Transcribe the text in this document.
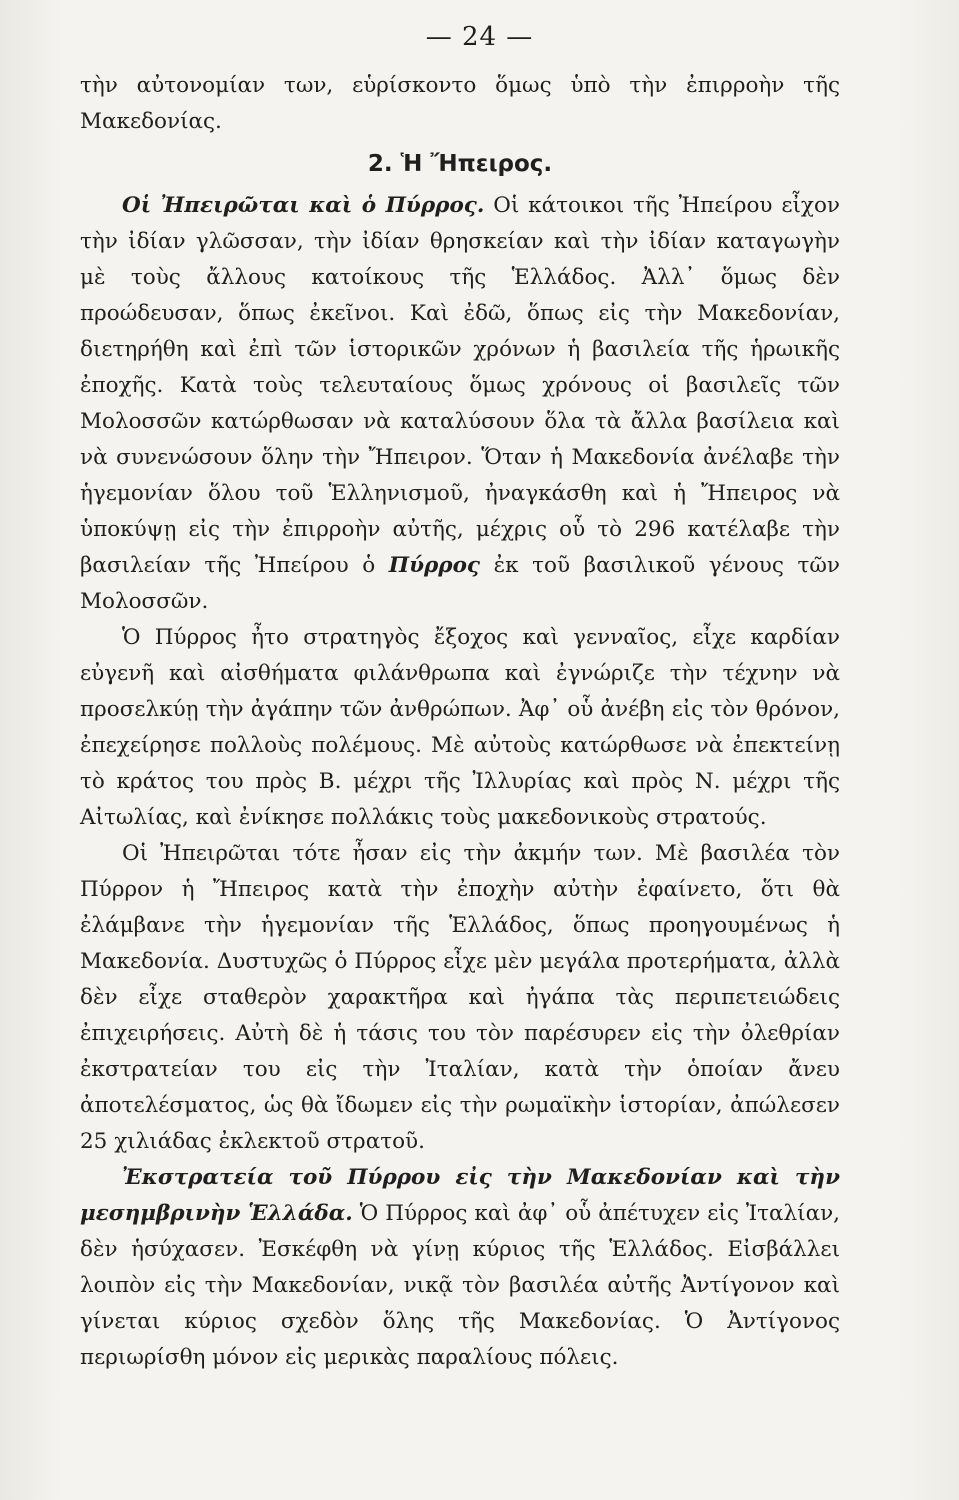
— 24 —

τὴν αὐτονομίαν των, εὑρίσκοντο ὅμως ὑπὸ τὴν ἐπιρροὴν τῆς Μακεδονίας.

2. Ἡ Ἤπειρος.

Οἱ Ἠπειρῶται καὶ ὁ Πύρρος. Οἱ κάτοικοι τῆς Ἠπείρου εἶχον τὴν ἰδίαν γλῶσσαν, τὴν ἰδίαν θρησκείαν καὶ τὴν ἰδίαν καταγωγὴν μὲ τοὺς ἄλλους κατοίκους τῆς Ἑλλάδος. Ἀλλ᾽ ὅμως δὲν προώδευσαν, ὅπως ἐκεῖνοι. Καὶ ἐδῶ, ὅπως εἰς τὴν Μακεδονίαν, διετηρήθη καὶ ἐπὶ τῶν ἱστορικῶν χρόνων ἡ βασιλεία τῆς ἡρωικῆς ἐποχῆς. Κατὰ τοὺς τελευταίους ὅμως χρόνους οἱ βασιλεῖς τῶν Μολοσσῶν κατώρθωσαν νὰ καταλύσουν ὅλα τὰ ἄλλα βασίλεια καὶ νὰ συνενώσουν ὅλην τὴν Ἤπειρον. Ὅταν ἡ Μακεδονία ἀνέλαβε τὴν ἡγεμονίαν ὅλου τοῦ Ἑλληνισμοῦ, ἠναγκάσθη καὶ ἡ Ἤπειρος νὰ ὑποκύψῃ εἰς τὴν ἐπιρροὴν αὐτῆς, μέχρις οὗ τὸ 296 κατέλαβε τὴν βασιλείαν τῆς Ἠπείρου ὁ Πύρρος ἐκ τοῦ βασιλικοῦ γένους τῶν Μολοσσῶν.

Ὁ Πύρρος ἦτο στρατηγὸς ἔξοχος καὶ γενναῖος, εἶχε καρδίαν εὐγενῆ καὶ αἰσθήματα φιλάνθρωπα καὶ ἐγνώριζε τὴν τέχνην νὰ προσελκύῃ τὴν ἀγάπην τῶν ἀνθρώπων. Ἀφ᾽ οὗ ἀνέβη εἰς τὸν θρόνον, ἐπεχείρησε πολλοὺς πολέμους. Μὲ αὐτοὺς κατώρθωσε νὰ ἐπεκτείνῃ τὸ κράτος του πρὸς Β. μέχρι τῆς Ἰλλυρίας καὶ πρὸς Ν. μέχρι τῆς Αἰτωλίας, καὶ ἐνίκησε πολλάκις τοὺς μακεδονικοὺς στρατούς.

Οἱ Ἠπειρῶται τότε ἦσαν εἰς τὴν ἀκμήν των. Μὲ βασιλέα τὸν Πύρρον ἡ Ἤπειρος κατὰ τὴν ἐποχὴν αὐτὴν ἐφαίνετο, ὅτι θὰ ἐλάμβανε τὴν ἡγεμονίαν τῆς Ἑλλάδος, ὅπως προηγουμένως ἡ Μακεδονία. Δυστυχῶς ὁ Πύρρος εἶχε μὲν μεγάλα προτερήματα, ἀλλὰ δὲν εἶχε σταθερὸν χαρακτῆρα καὶ ἠγάπα τὰς περιπετειώδεις ἐπιχειρήσεις. Αὐτὴ δὲ ἡ τάσις του τὸν παρέσυρεν εἰς τὴν ὀλεθρίαν ἐκστρατείαν του εἰς τὴν Ἰταλίαν, κατὰ τὴν ὁποίαν ἄνευ ἀποτελέσματος, ὡς θὰ ἴδωμεν εἰς τὴν ρωμαϊκὴν ἱστορίαν, ἀπώλεσεν 25 χιλιάδας ἐκλεκτοῦ στρατοῦ.

Ἐκστρατεία τοῦ Πύρρου εἰς τὴν Μακεδονίαν καὶ τὴν μεσημβρινὴν Ἑλλάδα. Ὁ Πύρρος καὶ ἀφ᾽ οὗ ἀπέτυχεν εἰς Ἰταλίαν, δὲν ἡσύχασεν. Ἐσκέφθη νὰ γίνῃ κύριος τῆς Ἑλλάδος. Εἰσβάλλει λοιπὸν εἰς τὴν Μακεδονίαν, νικᾷ τὸν βασιλέα αὐτῆς Ἀντίγονον καὶ γίνεται κύριος σχεδὸν ὅλης τῆς Μακεδονίας. Ὁ Ἀντίγονος περιωρίσθη μόνον εἰς μερικὰς παραλίους πόλεις.
